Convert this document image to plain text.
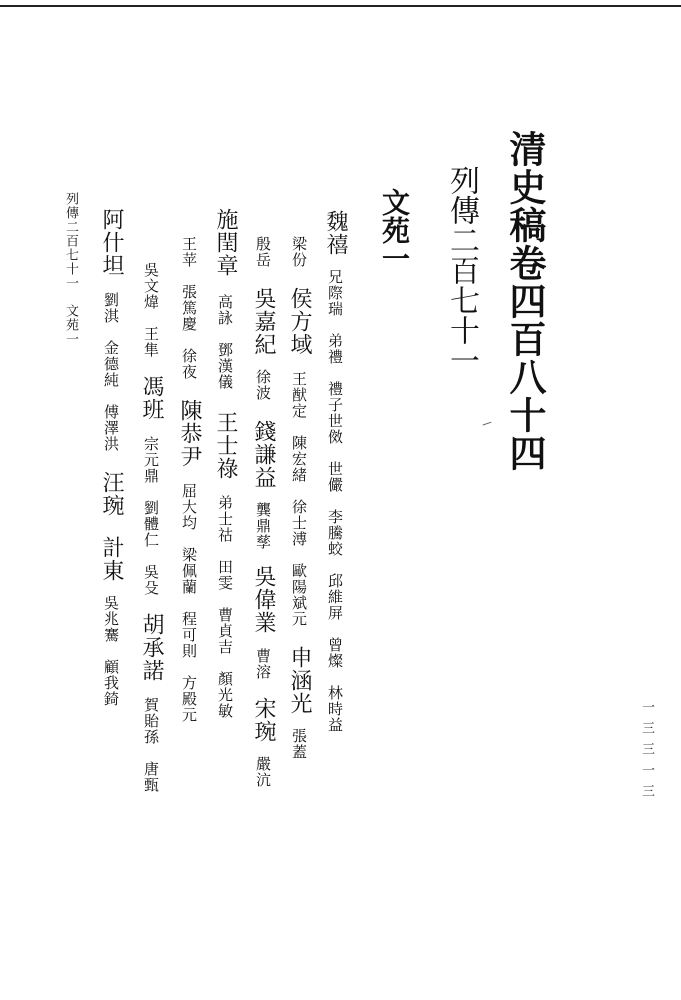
清史稿卷四百八十四
列傳二百七十一
文苑一
魏禧 兄際瑞　弟禮　禮子世傚　世儼　李騰蛟　邱維屏　曾燦　林時益
梁份 侯方域 王猷定　陳宏緒　徐士溥　歐陽斌元 申涵光 張蓋
殷岳 吳嘉紀 徐波 錢謙益 龔鼎孳 吳偉業 曹溶 宋琬 嚴沆
施閏章 高詠　鄧漢儀 王士祿 弟士祜　田雯　曹貞吉　顏光敏
王苹　張篤慶　徐夜 陳恭尹 屈大均　梁佩蘭　程可則　方殿元
吳文煒　王隼 馮班 宗元鼎　劉體仁　吳殳 胡承諾 賀貽孫　唐甄
阿什坦 劉淇　金德純　傅澤洪 汪琬 計東 吳兆騫　顧我錡
列傳二百七十一　文苑一
一三三一三
